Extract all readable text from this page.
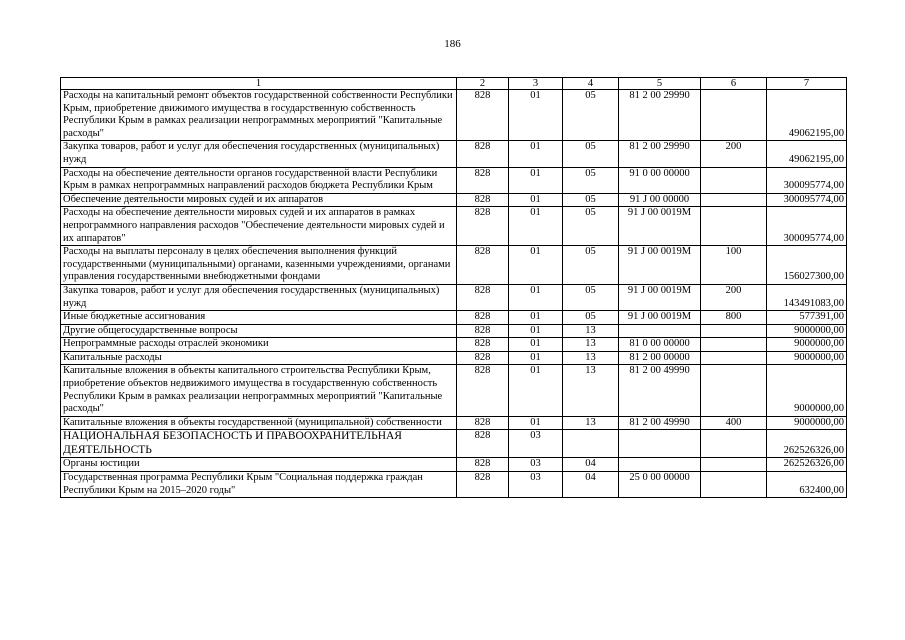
186
1	2	3	4	5	6	7
Расходы на капитальный ремонт объектов государственной собственности Республики Крым, приобретение движимого имущества в государственную собственность Республики Крым в рамках реализации непрограммных мероприятий "Капитальные расходы"	828	01	05	81 2 00 29990		49062195,00
Закупка товаров, работ и услуг для обеспечения государственных (муниципальных) нужд	828	01	05	81 2 00 29990	200	49062195,00
Расходы на обеспечение деятельности органов государственной власти Республики Крым в рамках непрограммных направлений расходов бюджета Республики Крым	828	01	05	91 0 00 00000		300095774,00
Обеспечение деятельности мировых судей и их аппаратов	828	01	05	91 J 00 00000		300095774,00
Расходы на обеспечение деятельности мировых судей и их аппаратов в рамках непрограммного направления расходов "Обеспечение деятельности мировых судей и их аппаратов"	828	01	05	91 J 00 0019M		300095774,00
Расходы на выплаты персоналу в целях обеспечения выполнения функций государственными (муниципальными) органами, казенными учреждениями, органами управления государственными внебюджетными фондами	828	01	05	91 J 00 0019M	100	156027300,00
Закупка товаров, работ и услуг для обеспечения государственных (муниципальных) нужд	828	01	05	91 J 00 0019M	200	143491083,00
Иные бюджетные ассигнования	828	01	05	91 J 00 0019M	800	577391,00
Другие общегосударственные вопросы	828	01	13			9000000,00
Непрограммные расходы отраслей экономики	828	01	13	81 0 00 00000		9000000,00
Капитальные расходы	828	01	13	81 2 00 00000		9000000,00
Капитальные вложения в объекты капитального строительства Республики Крым, приобретение объектов недвижимого имущества в государственную собственность Республики Крым в рамках реализации непрограммных мероприятий "Капитальные расходы"	828	01	13	81 2 00 49990		9000000,00
Капитальные вложения в объекты государственной (муниципальной) собственности	828	01	13	81 2 00 49990	400	9000000,00
НАЦИОНАЛЬНАЯ БЕЗОПАСНОСТЬ И ПРАВООХРАНИТЕЛЬНАЯ ДЕЯТЕЛЬНОСТЬ	828	03				262526326,00
Органы юстиции	828	03	04			262526326,00
Государственная программа Республики Крым "Социальная поддержка граждан Республики Крым на 2015–2020 годы"	828	03	04	25 0 00 00000		632400,00
